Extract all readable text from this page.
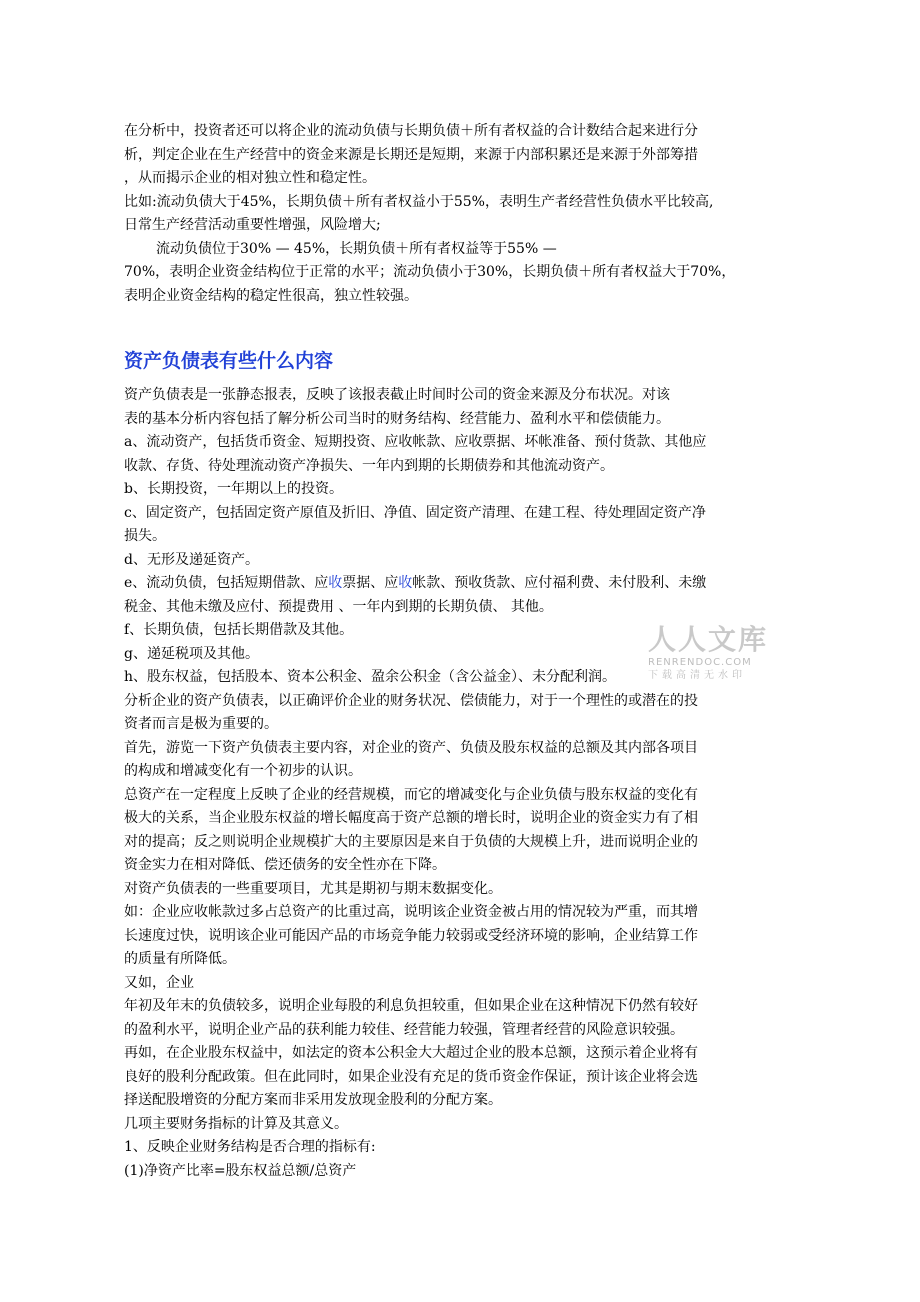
在分析中，投资者还可以将企业的流动负债与长期负债＋所有者权益的合计数结合起来进行分
析，判定企业在生产经营中的资金来源是长期还是短期，来源于内部积累还是来源于外部筹措
，从而揭示企业的相对独立性和稳定性。
比如:流动负债大于45%，长期负债＋所有者权益小于55%，表明生产者经营性负债水平比较高,
日常生产经营活动重要性增强，风险增大;
流动负债位于30% — 45%，长期负债＋所有者权益等于55% —
70%，表明企业资金结构位于正常的水平；流动负债小于30%，长期负债＋所有者权益大于70%，
表明企业资金结构的稳定性很高，独立性较强。
资产负债表有些什么内容
资产负债表是一张静态报表，反映了该报表截止时间时公司的资金来源及分布状况。对该
表的基本分析内容包括了解分析公司当时的财务结构、经营能力、盈利水平和偿债能力。
a、流动资产，包括货币资金、短期投资、应收帐款、应收票据、坏帐准备、预付货款、其他应
收款、存货、待处理流动资产净损失、一年内到期的长期债券和其他流动资产。
b、长期投资，一年期以上的投资。
c、固定资产，包括固定资产原值及折旧、净值、固定资产清理、在建工程、待处理固定资产净
损失。
d、无形及递延资产。
e、流动负债，包括短期借款、应收票据、应收帐款、预收货款、应付福利费、未付股利、未缴
税金、其他未缴及应付、预提费用 、一年内到期的长期负债、 其他。
f、长期负债，包括长期借款及其他。
g、递延税项及其他。
h、股东权益，包括股本、资本公积金、盈余公积金（含公益金）、未分配利润。
分析企业的资产负债表，以正确评价企业的财务状况、偿债能力，对于一个理性的或潜在的投
资者而言是极为重要的。
首先，游览一下资产负债表主要内容，对企业的资产、负债及股东权益的总额及其内部各项目
的构成和增减变化有一个初步的认识。
总资产在一定程度上反映了企业的经营规模，而它的增减变化与企业负债与股东权益的变化有
极大的关系，当企业股东权益的增长幅度高于资产总额的增长时，说明企业的资金实力有了相
对的提高；反之则说明企业规模扩大的主要原因是来自于负债的大规模上升，进而说明企业的
资金实力在相对降低、偿还债务的安全性亦在下降。
对资产负债表的一些重要项目，尤其是期初与期末数据变化。
如：企业应收帐款过多占总资产的比重过高，说明该企业资金被占用的情况较为严重，而其增
长速度过快，说明该企业可能因产品的市场竞争能力较弱或受经济环境的影响，企业结算工作
的质量有所降低。
又如，企业
年初及年末的负债较多，说明企业每股的利息负担较重，但如果企业在这种情况下仍然有较好
的盈利水平，说明企业产品的获利能力较佳、经营能力较强，管理者经营的风险意识较强。
再如，在企业股东权益中，如法定的资本公积金大大超过企业的股本总额，这预示着企业将有
良好的股利分配政策。但在此同时，如果企业没有充足的货币资金作保证，预计该企业将会选
择送配股增资的分配方案而非采用发放现金股利的分配方案。
几项主要财务指标的计算及其意义。
1、反映企业财务结构是否合理的指标有:
(1)净资产比率=股东权益总额/总资产
人人文库
RENRENDOC.COM
下载高清无水印
